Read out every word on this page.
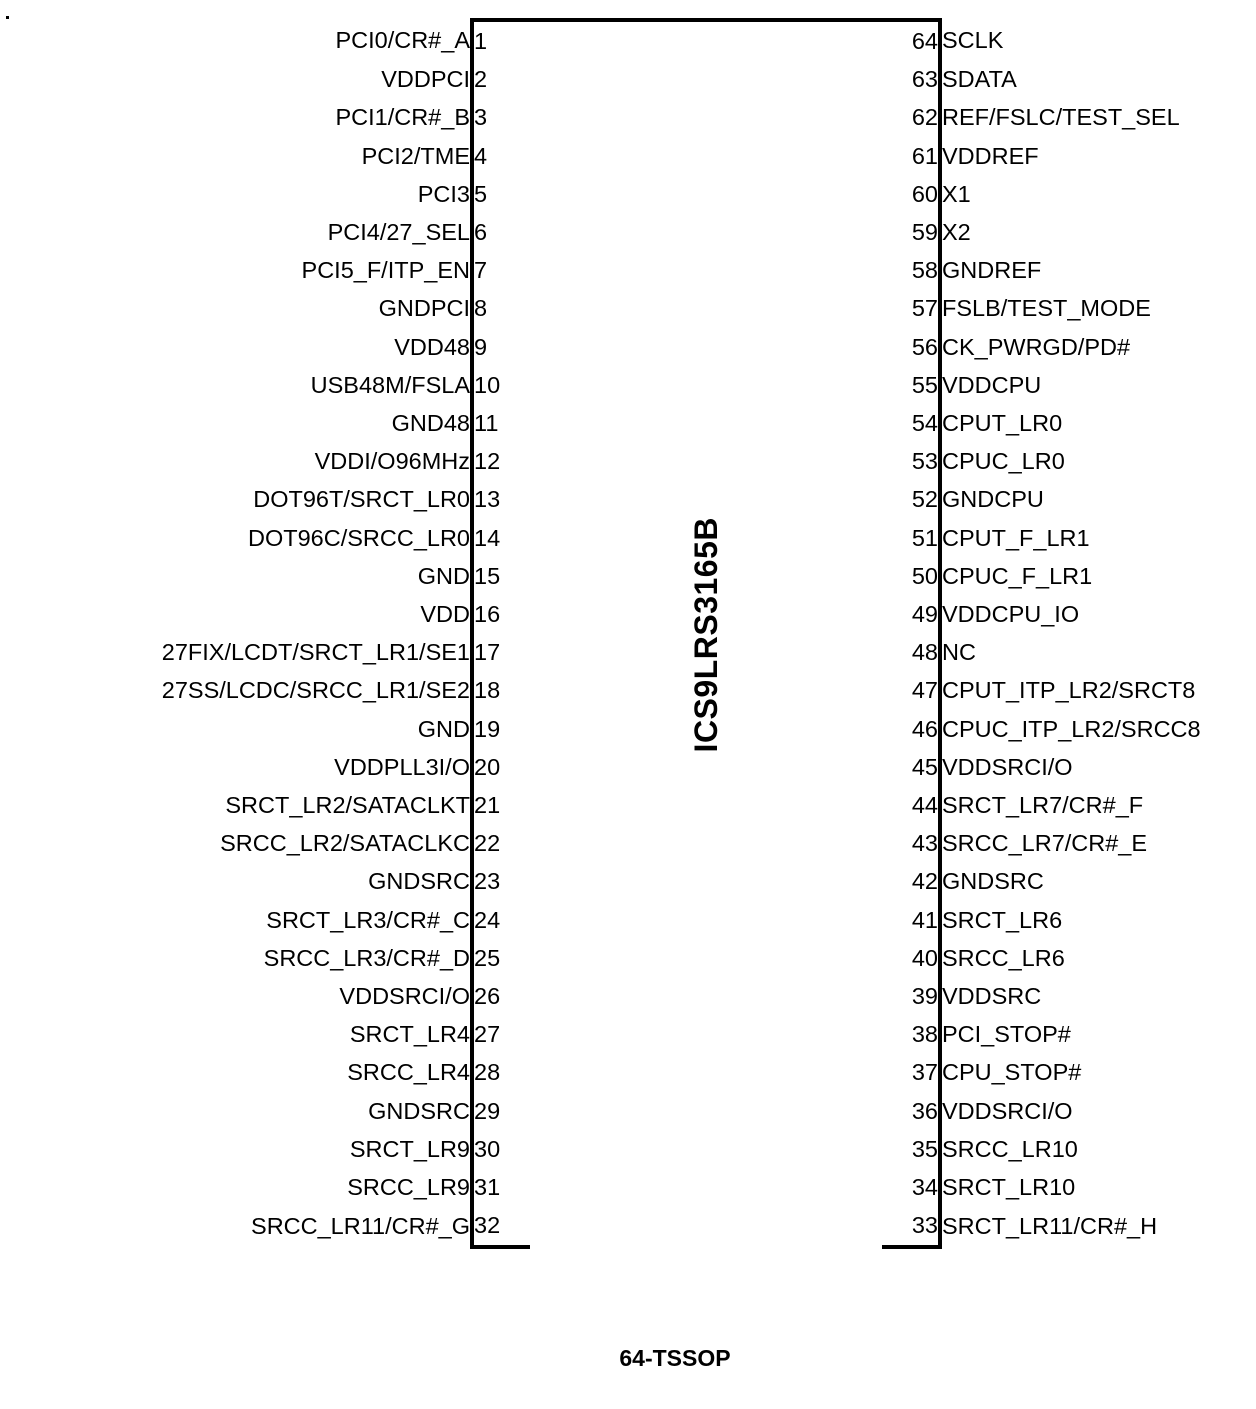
PCI0/CR#_A	1	ICS9LRS3165B	64	SCLK
VDDPCI	2		63	SDATA
PCI1/CR#_B	3		62	REF/FSLC/TEST_SEL
PCI2/TME	4		61	VDDREF
PCI3	5		60	X1
PCI4/27_SEL	6		59	X2
PCI5_F/ITP_EN	7		58	GNDREF
GNDPCI	8		57	FSLB/TEST_MODE
VDD48	9		56	CK_PWRGD/PD#
USB48M/FSLA	10		55	VDDCPU
GND48	11		54	CPUT_LR0
VDDI/O96MHz	12		53	CPUC_LR0
DOT96T/SRCT_LR0	13		52	GNDCPU
DOT96C/SRCC_LR0	14		51	CPUT_F_LR1
GND	15		50	CPUC_F_LR1
VDD	16		49	VDDCPU_IO
27FIX/LCDT/SRCT_LR1/SE1	17		48	NC
27SS/LCDC/SRCC_LR1/SE2	18		47	CPUT_ITP_LR2/SRCT8
GND	19		46	CPUC_ITP_LR2/SRCC8
VDDPLL3I/O	20		45	VDDSRCI/O
SRCT_LR2/SATACLKT	21		44	SRCT_LR7/CR#_F
SRCC_LR2/SATACLKC	22		43	SRCC_LR7/CR#_E
GNDSRC	23		42	GNDSRC
SRCT_LR3/CR#_C	24		41	SRCT_LR6
SRCC_LR3/CR#_D	25		40	SRCC_LR6
VDDSRCI/O	26		39	VDDSRC
SRCT_LR4	27		38	PCI_STOP#
SRCC_LR4	28		37	CPU_STOP#
GNDSRC	29		36	VDDSRCI/O
SRCT_LR9	30		35	SRCC_LR10
SRCC_LR9	31		34	SRCT_LR10
SRCC_LR11/CR#_G	32		33	SRCT_LR11/CR#_H
64-TSSOP
